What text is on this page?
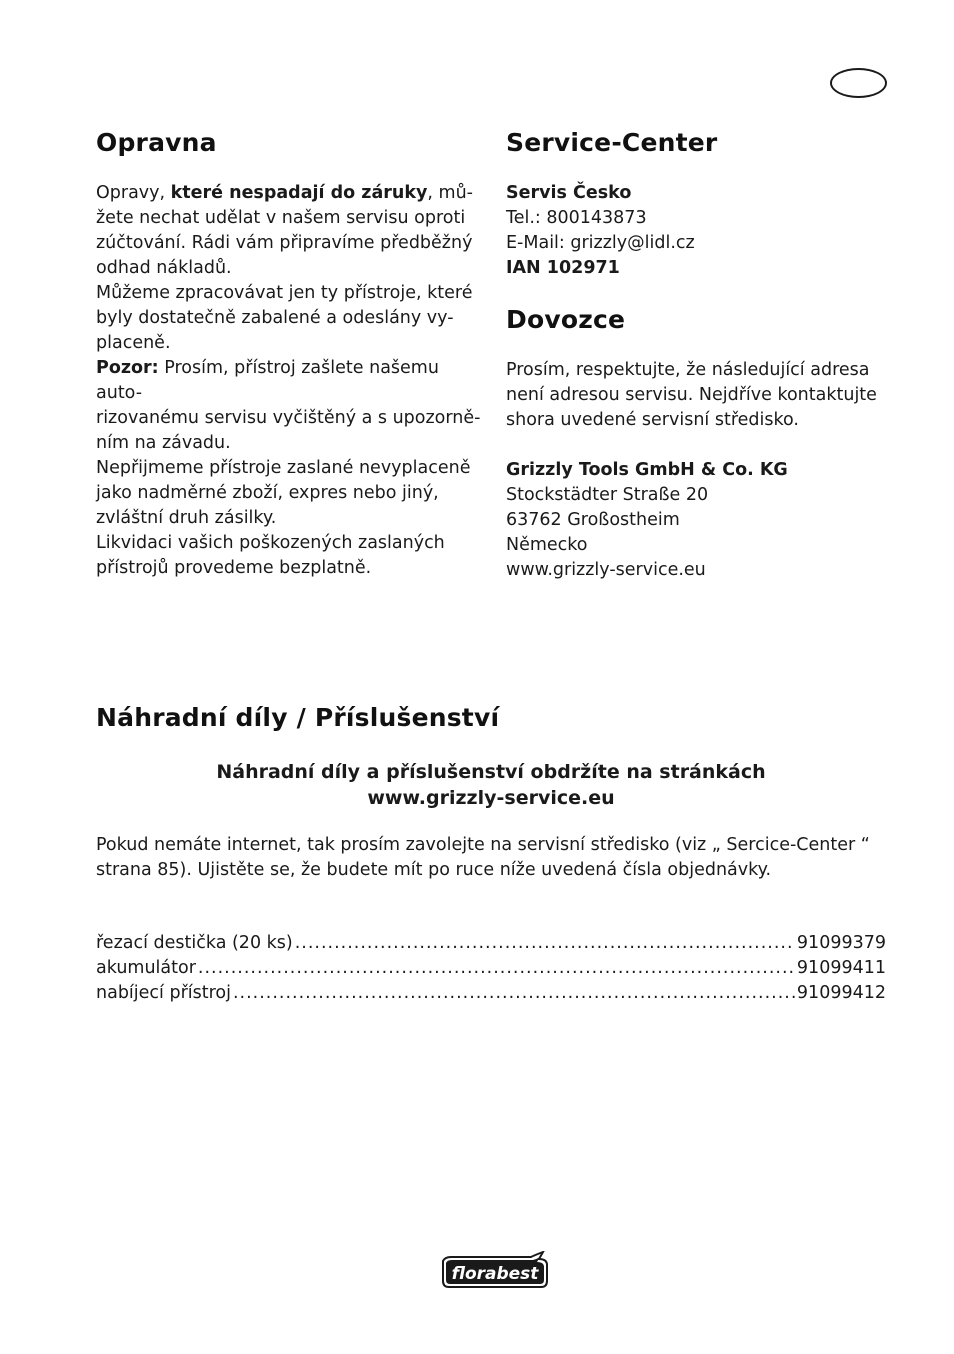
Opravna

Opravy, které nespadají do záruky, mů-
žete nechat udělat v našem servisu oproti
zúčtování. Rádi vám připravíme předběžný
odhad nákladů.
Můžeme zpracovávat jen ty přístroje, které
byly dostatečně zabalené a odeslány vy-
placeně.
Pozor: Prosím, přístroj zašlete našemu auto-
rizovanému servisu vyčištěný a s upozorně-
ním na závadu.
Nepřijmeme přístroje zaslané nevyplaceně
jako nadměrné zboží, expres nebo jiný,
zvláštní druh zásilky.
Likvidaci vašich poškozených zaslaných
přístrojů provedeme bezplatně.

Service-Center
Servis Česko
Tel.: 800143873
E-Mail: grizzly@lidl.cz
IAN 102971
Dovozce

Prosím, respektujte, že následující adresa
není adresou servisu. Nejdříve kontaktujte
shora uvedené servisní středisko.

Grizzly Tools GmbH & Co. KG
Stockstädter Straße 20
63762 Großostheim
Německo
www.grizzly-service.eu
Náhradní díly / Příslušenství
Náhradní díly a příslušenství obdržíte na stránkách
www.grizzly-service.eu

Pokud nemáte internet, tak prosím zavolejte na servisní středisko (viz „ Sercice-Center “
strana 85). Ujistěte se, že budete mít po ruce níže uvedená čísla objednávky.

řezací destička (20 ks) .....	91099379
akumulátor .....	91099411
nabíjecí přístroj .....	91099412
florabest
